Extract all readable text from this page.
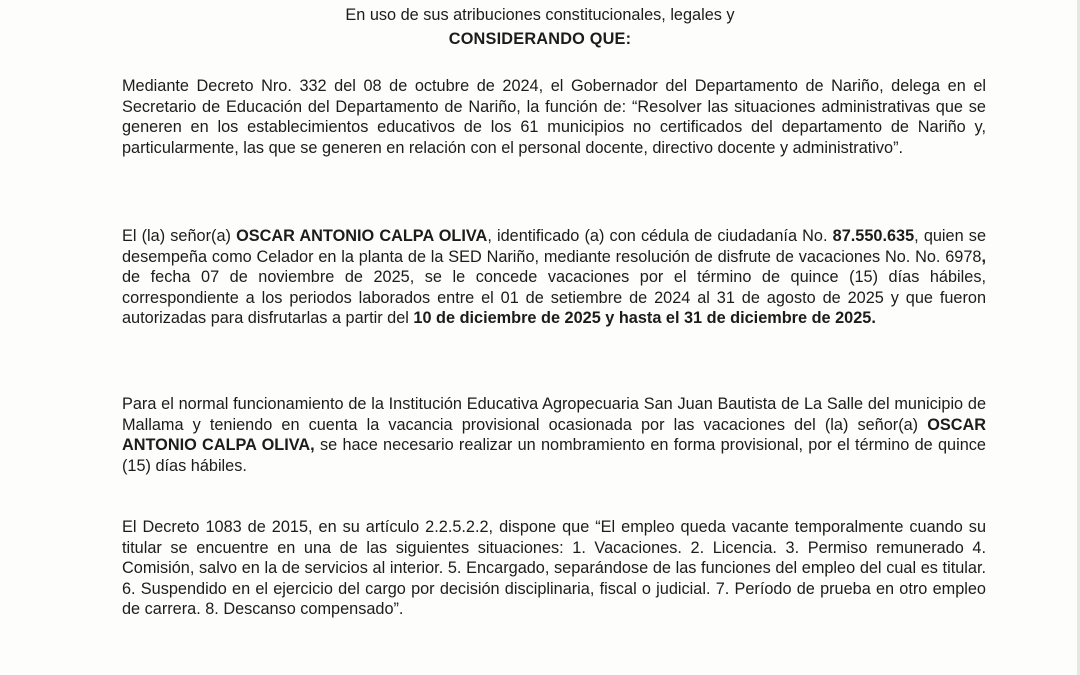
En uso de sus atribuciones constitucionales, legales y
CONSIDERANDO QUE:
Mediante Decreto Nro. 332 del 08 de octubre de 2024, el Gobernador del Departamento de Nariño, delega en el Secretario de Educación del Departamento de Nariño, la función de: “Resolver las situaciones administrativas que se generen en los establecimientos educativos de los 61 municipios no certificados del departamento de Nariño y, particularmente, las que se generen en relación con el personal docente, directivo docente y administrativo”.
El (la) señor(a) OSCAR ANTONIO CALPA OLIVA, identificado (a) con cédula de ciudadanía No. 87.550.635, quien se desempeña como Celador en la planta de la SED Nariño, mediante resolución de disfrute de vacaciones No. No. 6978, de fecha 07 de noviembre de 2025, se le concede vacaciones por el término de quince (15) días hábiles, correspondiente a los periodos laborados entre el 01 de setiembre de 2024 al 31 de agosto de 2025 y que fueron autorizadas para disfrutarlas a partir del 10 de diciembre de 2025 y hasta el 31 de diciembre de 2025.
Para el normal funcionamiento de la Institución Educativa Agropecuaria San Juan Bautista de La Salle del municipio de Mallama y teniendo en cuenta la vacancia provisional ocasionada por las vacaciones del (la) señor(a) OSCAR ANTONIO CALPA OLIVA, se hace necesario realizar un nombramiento en forma provisional, por el término de quince (15) días hábiles.
El Decreto 1083 de 2015, en su artículo 2.2.5.2.2, dispone que “El empleo queda vacante temporalmente cuando su titular se encuentre en una de las siguientes situaciones: 1. Vacaciones. 2. Licencia. 3. Permiso remunerado 4. Comisión, salvo en la de servicios al interior. 5. Encargado, separándose de las funciones del empleo del cual es titular. 6. Suspendido en el ejercicio del cargo por decisión disciplinaria, fiscal o judicial. 7. Período de prueba en otro empleo de carrera. 8. Descanso compensado”.
